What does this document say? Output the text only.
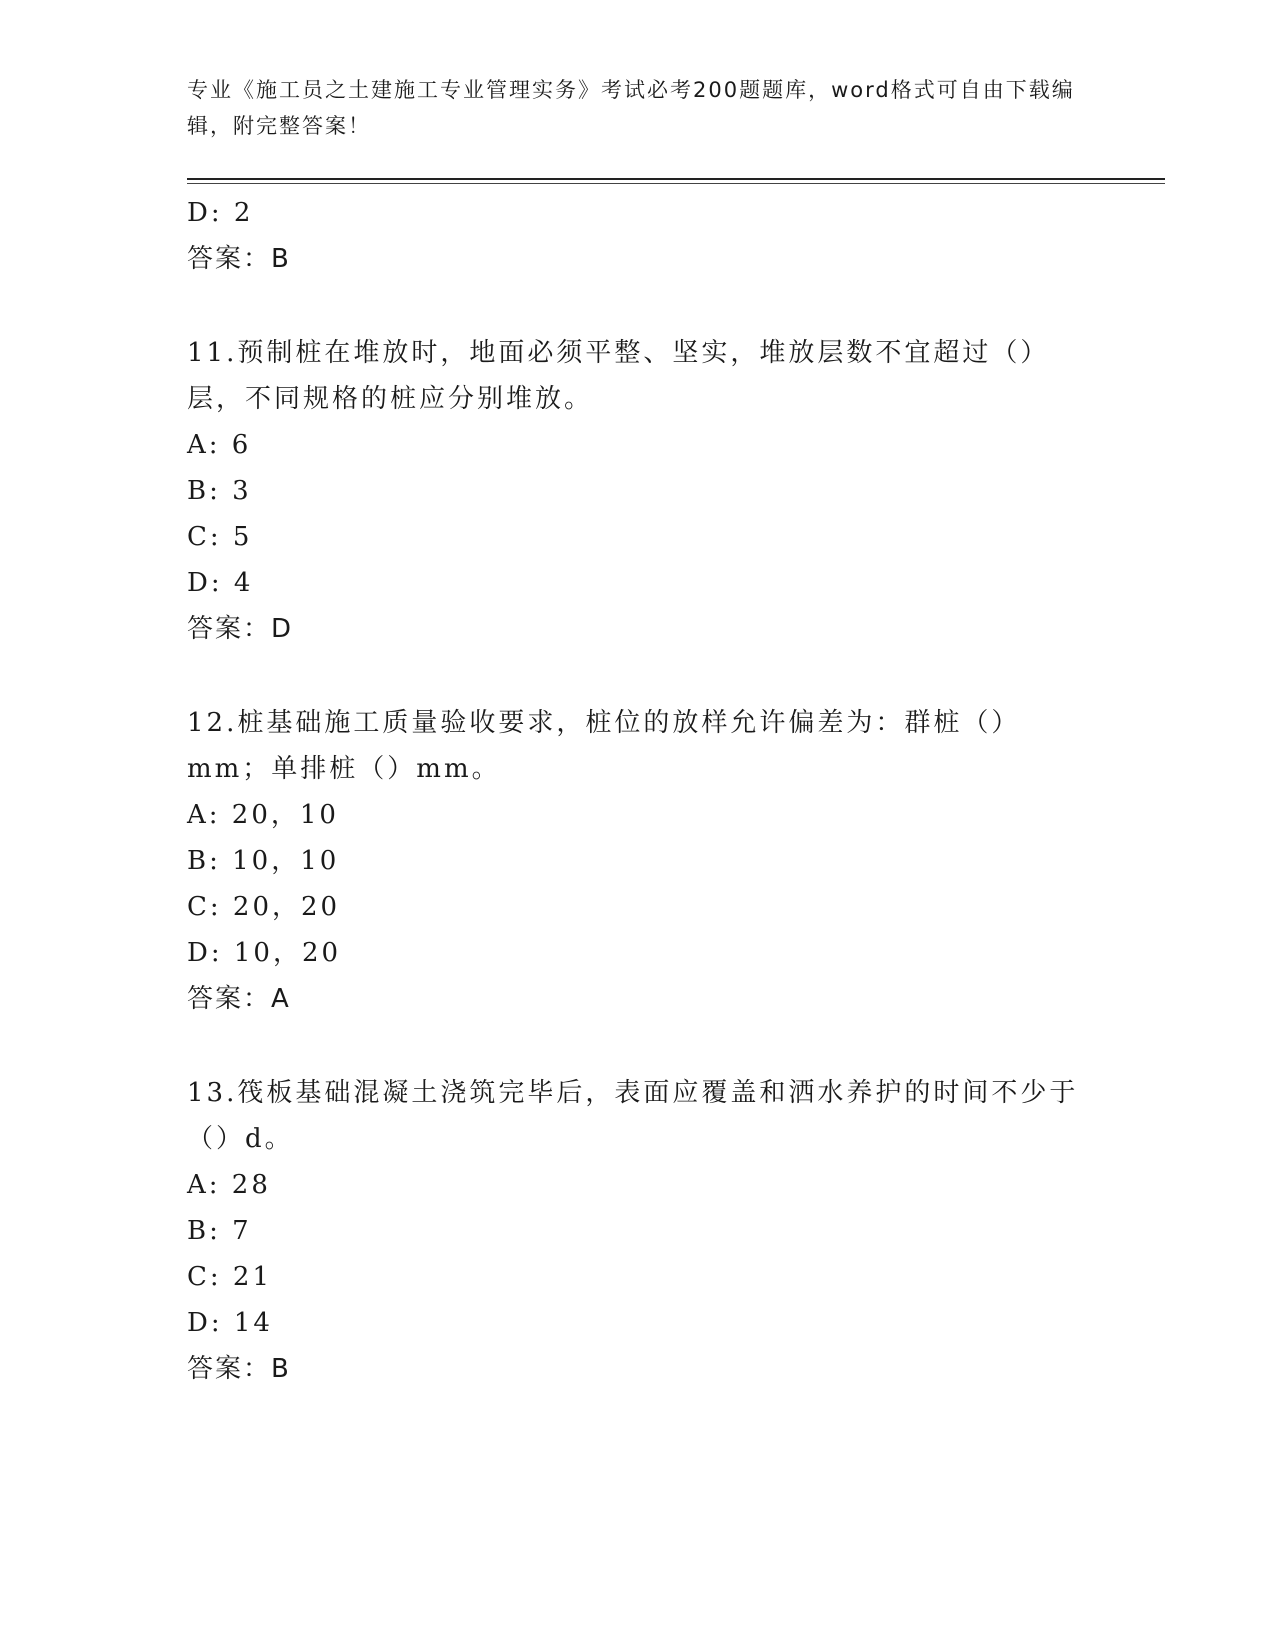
专业《施工员之土建施工专业管理实务》考试必考200题题库，word格式可自由下载编辑，附完整答案！
D: 2
答案：B
11.预制桩在堆放时，地面必须平整、坚实，堆放层数不宜超过（）层，不同规格的桩应分别堆放。
A: 6
B: 3
C: 5
D: 4
答案：D
12.桩基础施工质量验收要求，桩位的放样允许偏差为：群桩（）mm；单排桩（）mm。
A: 20，10
B: 10，10
C: 20，20
D: 10，20
答案：A
13.筏板基础混凝土浇筑完毕后，表面应覆盖和洒水养护的时间不少于（）d。
A: 28
B: 7
C: 21
D: 14
答案：B
